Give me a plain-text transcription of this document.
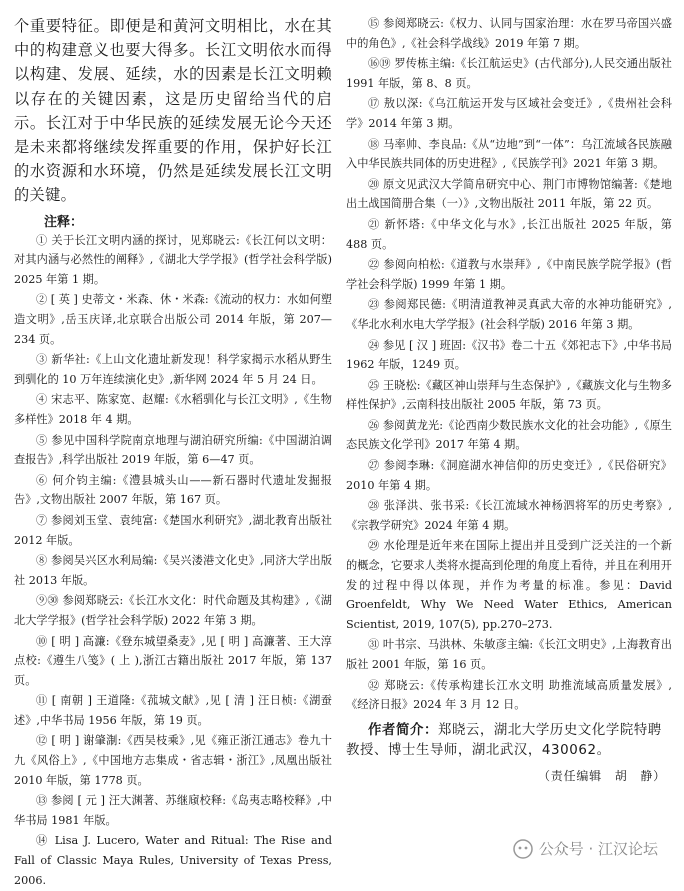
个重要特征。即便是和黄河文明相比，水在其中的构建意义也要大得多。长江文明依水而得以构建、发展、延续，水的因素是长江文明赖以存在的关键因素，这是历史留给当代的启示。长江对于中华民族的延续发展无论今天还是未来都将继续发挥重要的作用，保护好长江的水资源和水环境，仍然是延续发展长江文明的关键。

注释：

① 关于长江文明内涵的探讨，见郑晓云:《长江何以文明：对其内涵与必然性的阐释》,《湖北大学学报》(哲学社会科学版) 2025 年第 1 期。

② [ 英 ] 史蒂文・米森、休・米森:《流动的权力：水如何塑造文明》,岳玉庆译,北京联合出版公司 2014 年版，第 207—234 页。

③ 新华社:《上山文化遗址新发现！科学家揭示水稻从野生到驯化的 10 万年连续演化史》,新华网 2024 年 5 月 24 日。

④ 宋志平、陈家宽、赵耀:《水稻驯化与长江文明》,《生物多样性》2018 年 4 期。

⑤ 参见中国科学院南京地理与湖泊研究所编:《中国湖泊调查报告》,科学出版社 2019 年版，第 6—47 页。

⑥ 何介钧主编:《澧县城头山——新石器时代遗址发掘报告》,文物出版社 2007 年版，第 167 页。

⑦ 参阅刘玉堂、袁纯富:《楚国水利研究》,湖北教育出版社 2012 年版。

⑧ 参阅吴兴区水利局编:《吴兴溇港文化史》,同济大学出版社 2013 年版。

⑨㉚ 参阅郑晓云:《长江水文化：时代命题及其构建》,《湖北大学学报》(哲学社会科学版) 2022 年第 3 期。

⑩ [ 明 ] 高濂:《登东城望桑麦》,见 [ 明 ] 高濂著、王大淳点校:《遵生八笺》( 上 ),浙江古籍出版社 2017 年版，第 137 页。

⑪ [ 南朝 ] 王道隆:《菰城文献》,见 [ 清 ] 汪日桢:《湖蚕述》,中华书局 1956 年版，第 19 页。

⑫ [ 明 ] 谢肇淛:《西吴枝乘》,见《雍正浙江通志》卷九十九《风俗上》,《中国地方志集成・省志辑・浙江》,凤凰出版社 2010 年版，第 1778 页。

⑬ 参阅 [ 元 ] 汪大渊著、苏继庼校释:《岛夷志略校释》,中华书局 1981 年版。

⑭ Lisa J. Lucero, Water and Ritual: The Rise and Fall of Classic Maya Rules, University of Texas Press, 2006.

⑮ 参阅郑晓云:《权力、认同与国家治理：水在罗马帝国兴盛中的角色》,《社会科学战线》2019 年第 7 期。

⑯⑲ 罗传栋主编:《长江航运史》(古代部分),人民交通出版社 1991 年版，第 8、8 页。

⑰ 敖以深:《乌江航运开发与区域社会变迁》,《贵州社会科学》2014 年第 3 期。

⑱ 马率帅、李良品:《从“边地”到“一体”：乌江流域各民族融入中华民族共同体的历史进程》,《民族学刊》2021 年第 3 期。

⑳ 原文见武汉大学简帛研究中心、荆门市博物馆编著:《楚地出土战国简册合集（一）》,文物出版社 2011 年版，第 22 页。

㉑ 新怀塔:《中华文化与水》,长江出版社 2025 年版，第 488 页。

㉒ 参阅向柏松:《道教与水崇拜》,《中南民族学院学报》(哲学社会科学版) 1999 年第 1 期。

㉓ 参阅郑民德:《明清道教神灵真武大帝的水神功能研究》,《华北水利水电大学学报》(社会科学版) 2016 年第 3 期。

㉔ 参见 [ 汉 ] 班固:《汉书》卷二十五《郊祀志下》,中华书局 1962 年版，1249 页。

㉕ 王晓松:《藏区神山崇拜与生态保护》,《藏族文化与生物多样性保护》,云南科技出版社 2005 年版，第 73 页。

㉖ 参阅黄龙光:《论西南少数民族水文化的社会功能》,《原生态民族文化学刊》2017 年第 4 期。

㉗ 参阅李琳:《洞庭湖水神信仰的历史变迁》,《民俗研究》2010 年第 4 期。

㉘ 张泽洪、张书采:《长江流域水神杨泗将军的历史考察》,《宗教学研究》2024 年第 4 期。

㉙ 水伦理是近年来在国际上提出并且受到广泛关注的一个新的概念，它要求人类将水提高到伦理的角度上看待，并且在利用开发的过程中得以体现，并作为考量的标准。参见：David Groenfeldt, Why We Need Water Ethics, American Scientist, 2019, 107(5), pp.270–273.

㉛ 叶书宗、马洪林、朱敏彦主编:《长江文明史》,上海教育出版社 2001 年版，第 16 页。

㉜ 郑晓云:《传承构建长江水文明 助推流域高质量发展》,《经济日报》2024 年 3 月 12 日。

作者简介：郑晓云，湖北大学历史文化学院特聘教授、博士生导师，湖北武汉，430062。

（责任编辑　胡　静）
公众号 · 江汉论坛
